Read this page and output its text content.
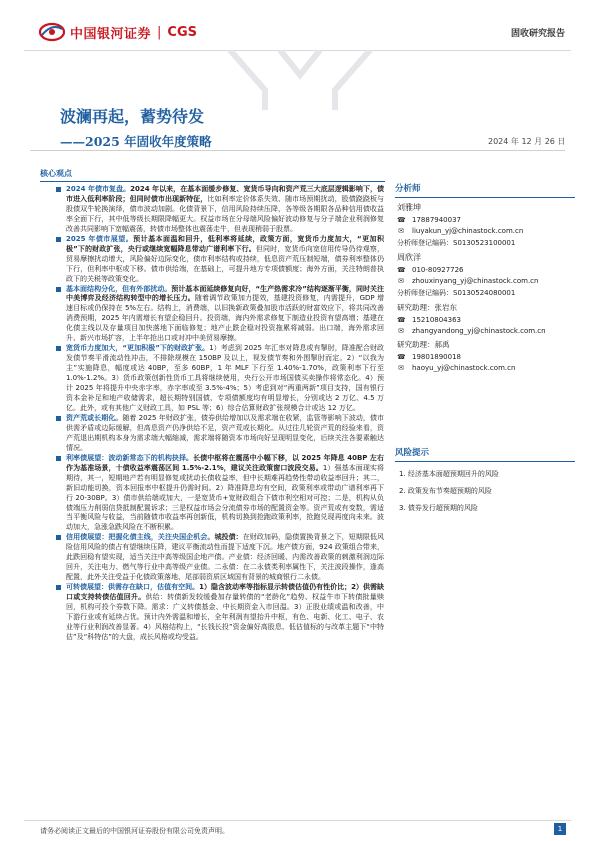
中国银河证券 | CGS	固收研究报告
波澜再起，蓄势待发
——2025 年固收年度策略	2024 年 12 月 26 日
核心观点

2024 年债市复盘。2024 年以来，在基本面缓步修复、宽货币导向和资产荒三大底层逻辑影响下，债市进入低利率阶段；但同时债市出现新特征，比如利率定价体系失效、随市场预期扰动，股债跷跷板与股债双牛轮换演绎，债市波动加剧。化债背景下，信用风险持续压降，各等级各期限各品种信用债收益率全面下行，其中低等级长期限降幅更大。权益市场在分母端风险偏好波动修复与分子端企业利润修复改善共同影响下宽幅震荡，转债市场整体也震荡走牛，但表现稍弱于股票。

2025 年债市展望。预计基本面温和回升，低利率将延续，政策方面，宽货币力度加大，“更加积极”下的财政扩张，央行或继续宽幅降息带动广谱利率下行。但同时，宽货币向宽信用传导仍待观察，贸易摩擦扰动增大，风险偏好边际变化，债市利率结构或持续，低息资产荒压制短端，债券利率整体仍下行，但利率中枢或下移。债市供给端，在基础上，可提升地方专项债额度；海外方面，关注特朗普执政下的关税等政策变化。

基本面结构分化，但有外部扰动。预计基本面延续修复向好，“生产热需求冷”结构逐渐平衡，同时关注中美博弈及经济结构转型中的增长压力。随着调节政策加力提效，基建投资修复，内需提升，GDP 增速目标或仍保持在 5%左右。结构上，消费端，以旧换新政策叠加股市活跃的财富效应下，将共同改善消费预期，2025 年内需增长有望企稳回升。投资端，海内外需求修复下制造业投资有望高增；基建在化债主线以及存量项目加快落地下面临修复；地产止跌企稳对投资拖累将减弱。出口端，海外需求回升、新兴市场扩容，上半年抢出口或对冲中美贸易摩擦。

宽货币力度加大，“更加积极”下的财政扩张。1）考虑到 2025 年汇率对降息或有掣肘，降准配合财政发债节奏平滑流动性冲击，不排除规模在 150BP 及以上，视发债节奏和外围掣肘而定。2）“以我为主”实施降息，幅度或达 40BP，至多 60BP，1 年 MLF 下行至 1.40%-1.70%，政策利率下行至 1.0%-1.2%。3）货币政策创新性货币工具将继续使用，央行公开市场国债买卖操作将常态化。4）预计 2025 年将提升中央赤字率，赤字率或至 3.5%-4%；5）考虑到对“两重两新”项目支持，国有银行资本金补足和地产收储需求，超长期特别国债、专项债额度均有明显增长，分别或达 2 万亿、4.5 万亿。此外，或有其他广义财政工具，如 PSL 等；6）综合估算财政扩张规模合计或达 12 万亿。

资产荒或长期化。随着 2025 年财政扩张，债券供给增加以及需求端在收紧，监管等影响下波动，债市供需矛盾或边际缓解，但高息资产仍净供给不足，资产荒或长期化。从过往几轮资产荒的经验来看，资产荒退出期机构本身为需求端大幅缩减，需求端将随资本市场向好呈现明显变化，后续关注各要素触达情况。

利率债展望：波动新常态下的机构抉择。长债中枢将在震荡中小幅下移，以 2025 年降息 40BP 左右作为基准场景，十债收益率震荡区间 1.5%-2.1%，建议关注政策窗口波段交易。1）强基本面现实将期待，其一，短期地产若有明显修复或扰动长债收益率，但中长期难再趋势性带动收益率回升；其二，新旧动能切换，资本回报率中枢提升仍需时间。2）降准降息均有空间，政策利率或带动广谱利率再下行 20-30BP。3）债市供给端或加大，一是宽货币+宽财政组合下债市利空相对可控；二是，机构从负债端压力削弱信贷抵制配置诉求；三是权益市场会分流债券市场的配置资金等。资产荒或有变数，需适当平衡风险与收益，当前随债市收益率再创新低，机构切换到抢跑政策利率，抢跑兑现再度向未来。波动加大，急涨急跌风险在不断积累。

信用债展望：把握化债主线，关注央国企机会。城投债：在财政加码，隐债置换背景之下，短期限低风险信用风险的债占有望继续压降，建议平衡流动性而提下适度下沉。地产债方面，924 政策组合带来，此跌回稳有望实现，适当关注中高等级国企地产债。产业债：经济回暖、内需改善政策的刺激利润边际回升，关注电力、燃气等行业中高等级产业债。二永债：在二永债类利率属性下，关注波段操作，逢高配置，此外关注受益于化债政策落地、尾部弱资质区域国有背景的城商银行二永债。

可转债展望：供需存在缺口，估值有空间。1）隐含波动率等指标显示转债估值仍有性价比；2）供需缺口或支持转债估值回升。供给：转债新发较缓叠加存量转债的“老龄化”趋势、权益牛市下转债批量赎回，机构可投个券数下降。需求：广义转债基金、中长期资金入市回温。3）正股业绩或温和改善，中下游行业或有延续占优。预计内外需温和增长，全年利润有望抬升中枢，有色、电新、化工、电子、农业等行业利润改善显著。4）风格结构上，“长钱长投”资金偏好高股息、低估值标的与改革主题下“中特估”及“科特估”的大盘，成长风格或均受益。

分析师
刘雅坤
☎ 17887940037
✉ liuyakun_yj@chinastock.com.cn
分析师登记编码：S0130523100001
周欣洋
☎ 010-80927726
✉ zhouxinyang_yj@chinastock.com.cn
分析师登记编码：S0130524080001
研究助理：张岩东
☎ 15210804363
✉ zhangyandong_yj@chinastock.com.cn
研究助理：郝禹
☎ 19801890018
✉ haoyu_yj@chinastock.com.cn
风险提示
1. 经济基本面超预期回升的风险
2. 政策发布节奏超预期的风险
3. 债券发行超预期的风险
请务必阅读正文最后的中国银河证券股份有限公司免责声明。	1
